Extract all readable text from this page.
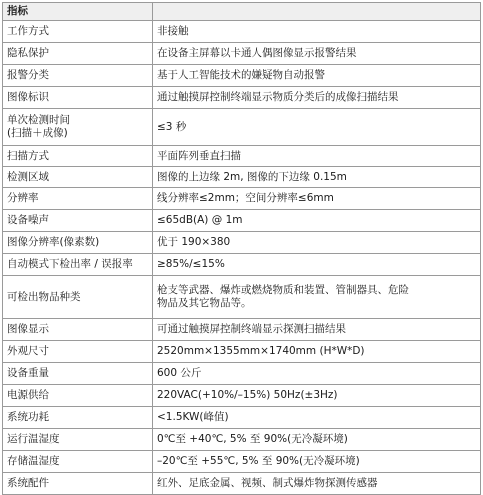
指标	
工作方式	非接触
隐私保护	在设备主屏幕以卡通人偶图像显示报警结果
报警分类	基于人工智能技术的嫌疑物自动报警
图像标识	通过触摸屏控制终端显示物质分类后的成像扫描结果
单次检测时间
(扫描＋成像)	≤3 秒
扫描方式	平面阵列垂直扫描
检测区域	图像的上边缘 2m, 图像的下边缘 0.15m
分辨率	线分辨率≤2mm；空间分辨率≤6mm
设备噪声	≤65dB(A) @ 1m
图像分辨率(像素数)	优于 190×380
自动模式下检出率 / 误报率	≥85%/≤15%
可检出物品种类	枪支等武器、爆炸或燃烧物质和装置、管制器具、危险
物品及其它物品等。
图像显示	可通过触摸屏控制终端显示探测扫描结果
外观尺寸	2520mm×1355mm×1740mm (H*W*D)
设备重量	600 公斤
电源供给	220VAC(+10%/–15%) 50Hz(±3Hz)
系统功耗	<1.5KW(峰值)
运行温湿度	0℃至 +40℃, 5% 至 90%(无冷凝环境)
存储温湿度	–20℃至 +55℃, 5% 至 90%(无冷凝环境)
系统配件	红外、足底金属、视频、制式爆炸物探测传感器
